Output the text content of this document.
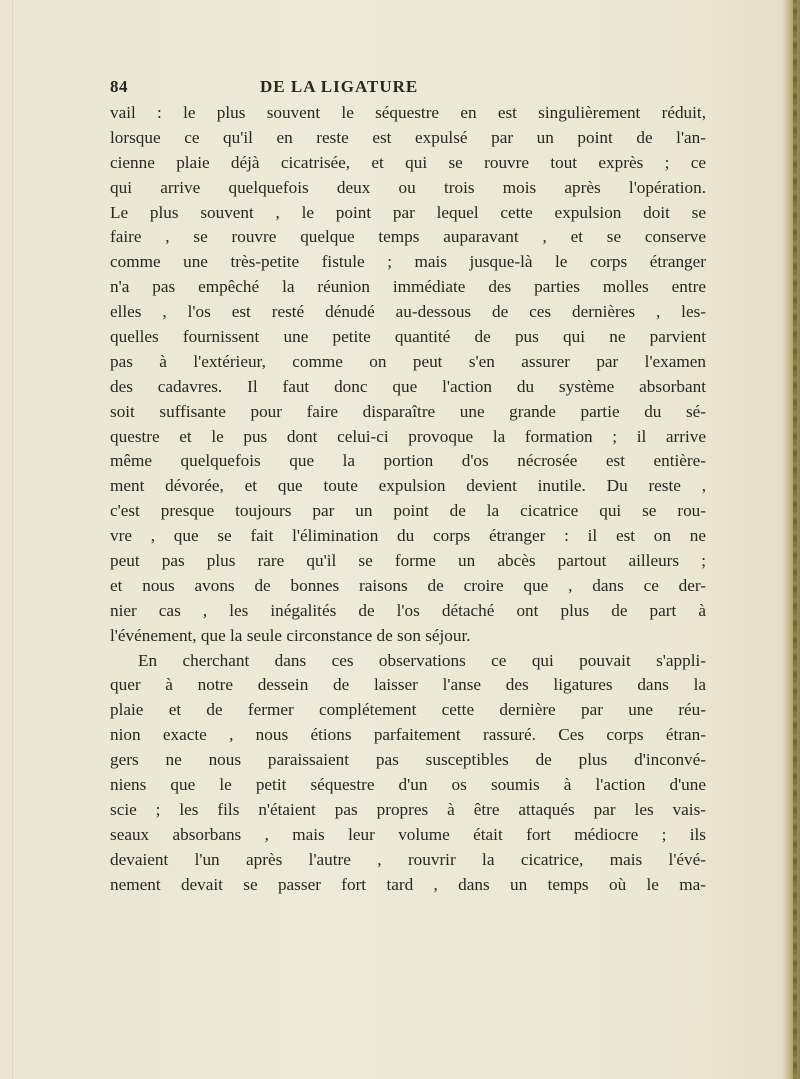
84	DE LA LIGATURE
vail : le plus souvent le séquestre en est singulièrement réduit,
lorsque ce qu'il en reste est expulsé par un point de l'an-
cienne plaie déjà cicatrisée, et qui se rouvre tout exprès ; ce
qui arrive quelquefois deux ou trois mois après l'opération.
Le plus souvent , le point par lequel cette expulsion doit se
faire , se rouvre quelque temps auparavant , et se conserve
comme une très-petite fistule ; mais jusque-là le corps étranger
n'a pas empêché la réunion immédiate des parties molles entre
elles , l'os est resté dénudé au-dessous de ces dernières , les-
quelles fournissent une petite quantité de pus qui ne parvient
pas à l'extérieur, comme on peut s'en assurer par l'examen
des cadavres. Il faut donc que l'action du système absorbant
soit suffisante pour faire disparaître une grande partie du sé-
questre et le pus dont celui-ci provoque la formation ; il arrive
même quelquefois que la portion d'os nécrosée est entière-
ment dévorée, et que toute expulsion devient inutile. Du reste ,
c'est presque toujours par un point de la cicatrice qui se rou-
vre , que se fait l'élimination du corps étranger : il est on ne
peut pas plus rare qu'il se forme un abcès partout ailleurs ;
et nous avons de bonnes raisons de croire que , dans ce der-
nier cas , les inégalités de l'os détaché ont plus de part à
l'événement, que la seule circonstance de son séjour.
En cherchant dans ces observations ce qui pouvait s'appli-
quer à notre dessein de laisser l'anse des ligatures dans la
plaie et de fermer complétement cette dernière par une réu-
nion exacte , nous étions parfaitement rassuré. Ces corps étran-
gers ne nous paraissaient pas susceptibles de plus d'inconvé-
niens que le petit séquestre d'un os soumis à l'action d'une
scie ; les fils n'étaient pas propres à être attaqués par les vais-
seaux absorbans , mais leur volume était fort médiocre ; ils
devaient l'un après l'autre , rouvrir la cicatrice, mais l'évé-
nement devait se passer fort tard , dans un temps où le ma-
